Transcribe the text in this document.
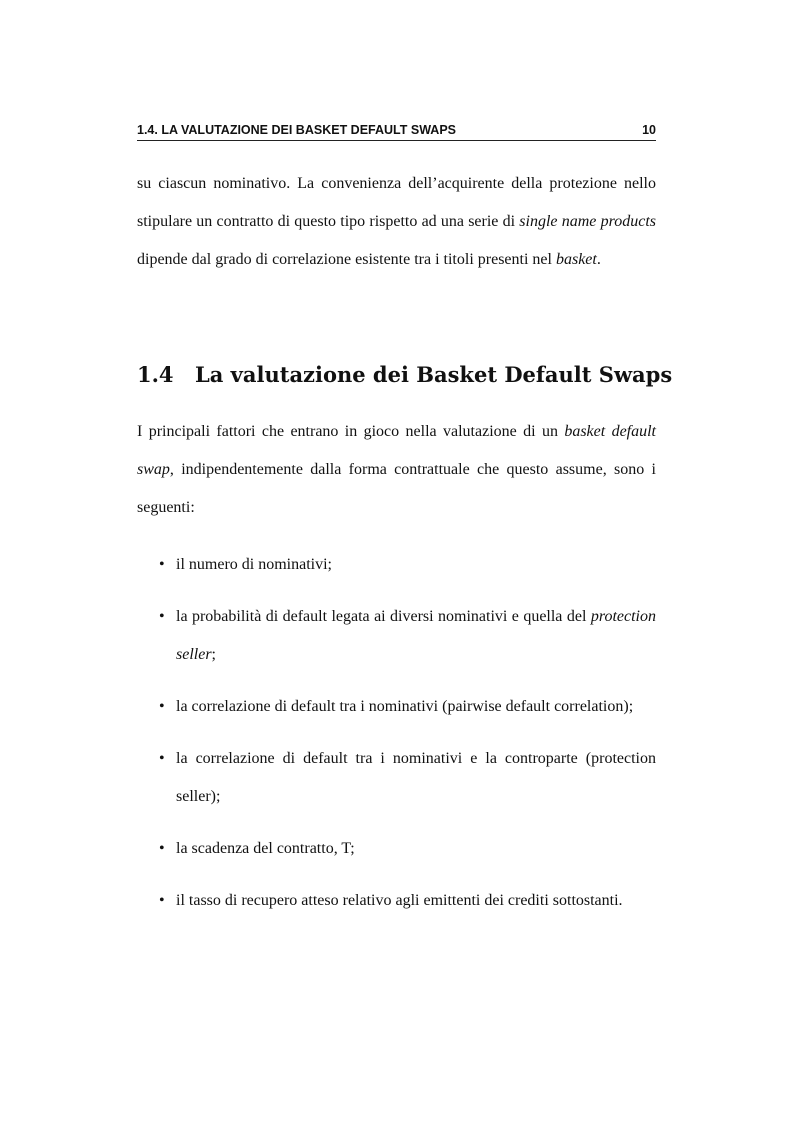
1.4. LA VALUTAZIONE DEI BASKET DEFAULT SWAPS	10

su ciascun nominativo. La convenienza dell’acquirente della protezione nello stipulare un contratto di questo tipo rispetto ad una serie di single name products dipende dal grado di correlazione esistente tra i titoli presenti nel basket.

1.4 La valutazione dei Basket Default Swaps

I principali fattori che entrano in gioco nella valutazione di un basket default swap, indipendentemente dalla forma contrattuale che questo assume, sono i seguenti:

• il numero di nominativi;
• la probabilità di default legata ai diversi nominativi e quella del protection seller;
• la correlazione di default tra i nominativi (pairwise default correlation);
• la correlazione di default tra i nominativi e la controparte (protection seller);
• la scadenza del contratto, T;
• il tasso di recupero atteso relativo agli emittenti dei crediti sottostanti.
